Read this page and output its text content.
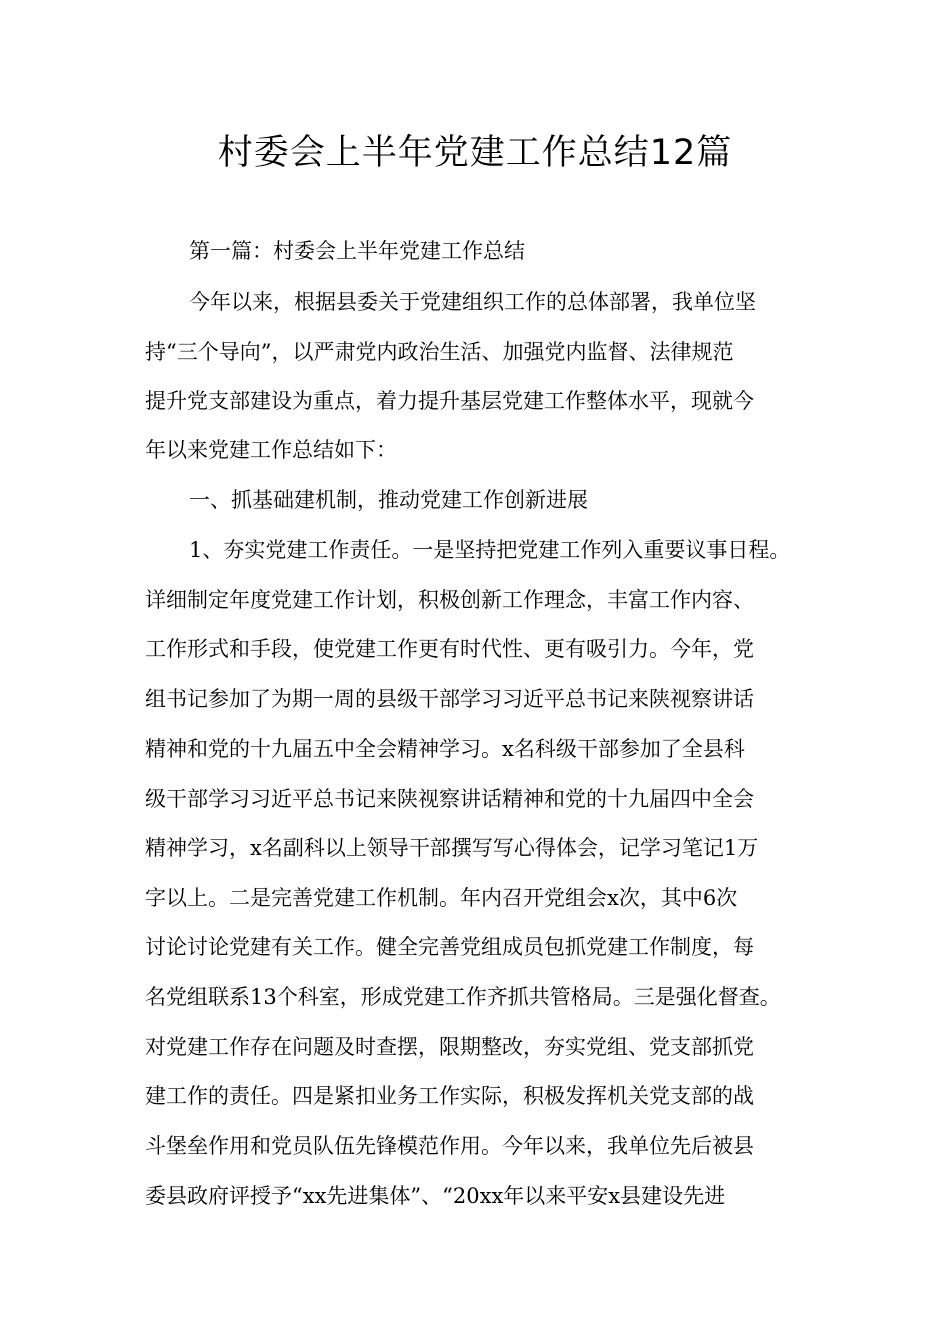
村委会上半年党建工作总结12篇

第一篇：村委会上半年党建工作总结

今年以来，根据县委关于党建组织工作的总体部署，我单位坚

持“三个导向”，以严肃党内政治生活、加强党内监督、法律规范

提升党支部建设为重点，着力提升基层党建工作整体水平，现就今

年以来党建工作总结如下：

一、抓基础建机制，推动党建工作创新进展

1、夯实党建工作责任。一是坚持把党建工作列入重要议事日程。

详细制定年度党建工作计划，积极创新工作理念，丰富工作内容、

工作形式和手段，使党建工作更有时代性、更有吸引力。今年，党

组书记参加了为期一周的县级干部学习习近平总书记来陕视察讲话

精神和党的十九届五中全会精神学习。x名科级干部参加了全县科

级干部学习习近平总书记来陕视察讲话精神和党的十九届四中全会

精神学习，x名副科以上领导干部撰写写心得体会，记学习笔记1万

字以上。二是完善党建工作机制。年内召开党组会x次，其中6次

讨论讨论党建有关工作。健全完善党组成员包抓党建工作制度，每

名党组联系13个科室，形成党建工作齐抓共管格局。三是强化督查。

对党建工作存在问题及时查摆，限期整改，夯实党组、党支部抓党

建工作的责任。四是紧扣业务工作实际，积极发挥机关党支部的战

斗堡垒作用和党员队伍先锋模范作用。今年以来，我单位先后被县

委县政府评授予“xx先进集体”、“20xx年以来平安x县建设先进
